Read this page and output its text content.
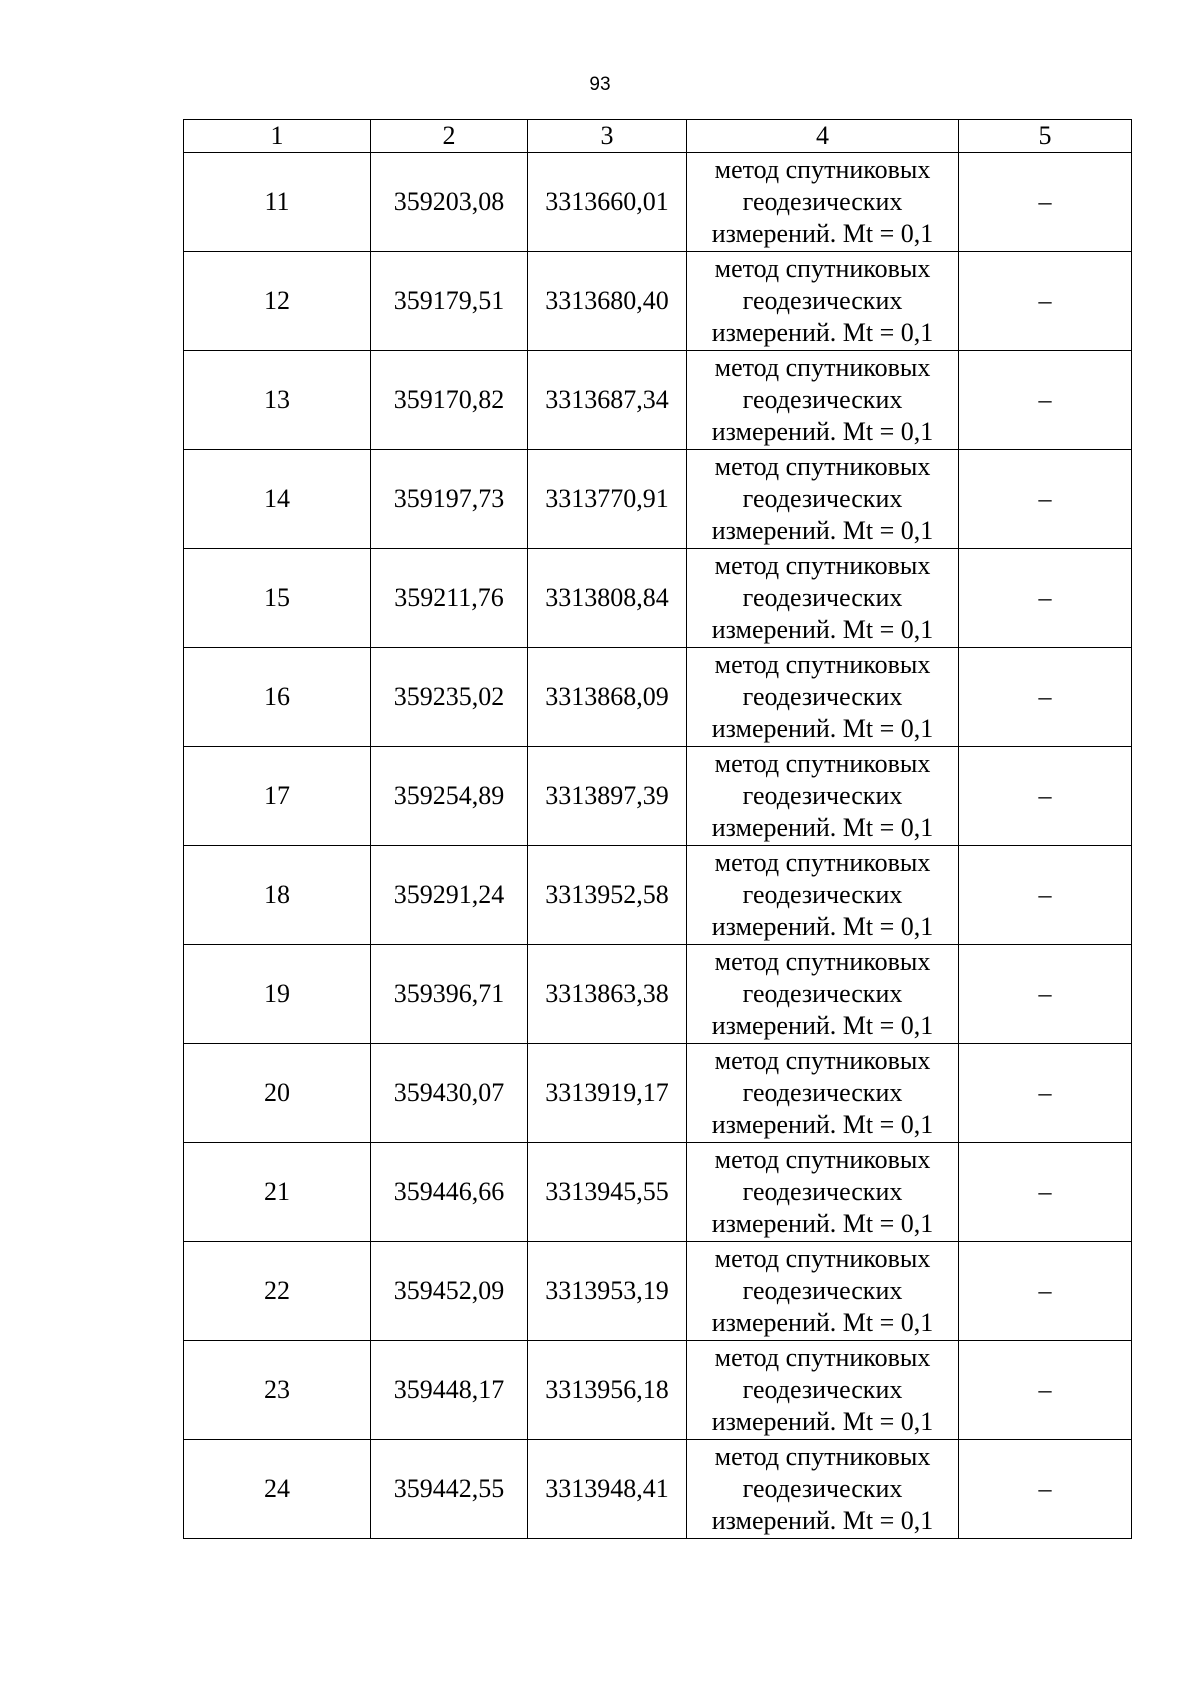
93
1	2	3	4	5
11	359203,08	3313660,01	метод спутниковых геодезических измерений. Mt = 0,1	–
12	359179,51	3313680,40	метод спутниковых геодезических измерений. Mt = 0,1	–
13	359170,82	3313687,34	метод спутниковых геодезических измерений. Mt = 0,1	–
14	359197,73	3313770,91	метод спутниковых геодезических измерений. Mt = 0,1	–
15	359211,76	3313808,84	метод спутниковых геодезических измерений. Mt = 0,1	–
16	359235,02	3313868,09	метод спутниковых геодезических измерений. Mt = 0,1	–
17	359254,89	3313897,39	метод спутниковых геодезических измерений. Mt = 0,1	–
18	359291,24	3313952,58	метод спутниковых геодезических измерений. Mt = 0,1	–
19	359396,71	3313863,38	метод спутниковых геодезических измерений. Mt = 0,1	–
20	359430,07	3313919,17	метод спутниковых геодезических измерений. Mt = 0,1	–
21	359446,66	3313945,55	метод спутниковых геодезических измерений. Mt = 0,1	–
22	359452,09	3313953,19	метод спутниковых геодезических измерений. Mt = 0,1	–
23	359448,17	3313956,18	метод спутниковых геодезических измерений. Mt = 0,1	–
24	359442,55	3313948,41	метод спутниковых геодезических измерений. Mt = 0,1	–
